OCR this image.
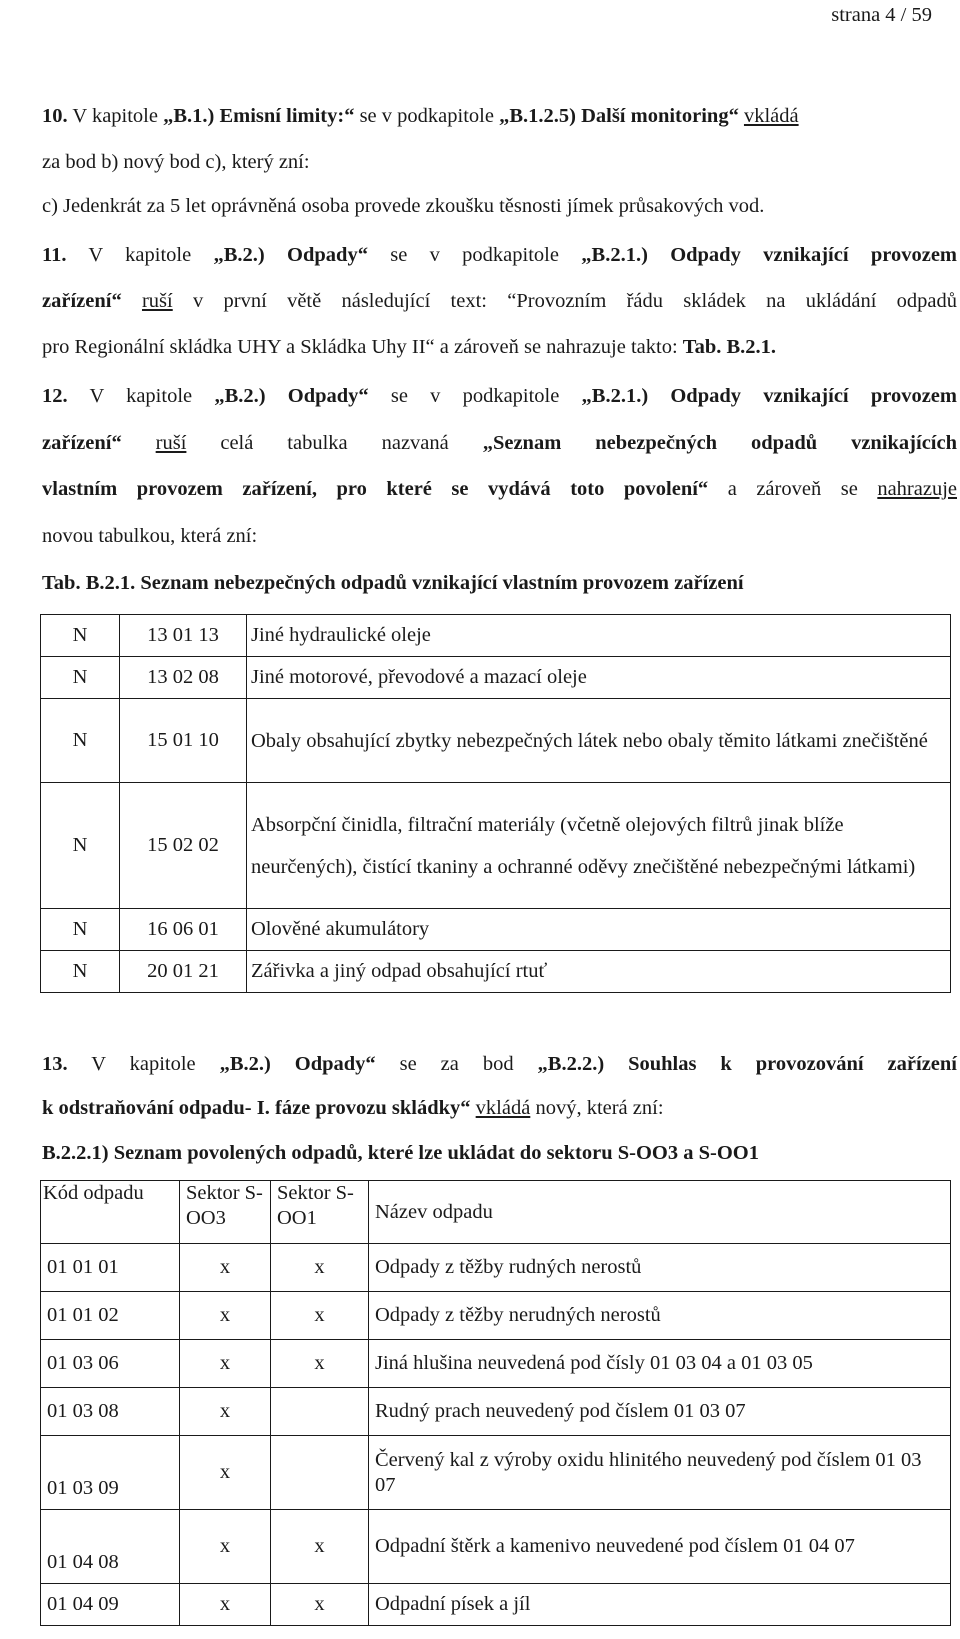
strana 4 / 59
10. V kapitole „B.1.) Emisní limity:“ se v podkapitole „B.1.2.5) Další monitoring“ vkládá
za bod b) nový bod c), který zní:
c) Jedenkrát za 5 let oprávněná osoba provede zkoušku těsnosti jímek průsakových vod.
11. V kapitole „B.2.) Odpady“ se v podkapitole „B.2.1.) Odpady vznikající provozem
zařízení“ ruší v první větě následující text: “Provozním řádu skládek na ukládání odpadů
pro Regionální skládka UHY a Skládka Uhy II“ a zároveň se nahrazuje takto: Tab. B.2.1.
12. V kapitole „B.2.) Odpady“ se v podkapitole „B.2.1.) Odpady vznikající provozem
zařízení“ ruší celá tabulka nazvaná „Seznam nebezpečných odpadů vznikajících
vlastním provozem zařízení, pro které se vydává toto povolení“ a zároveň se nahrazuje
novou tabulkou, která zní:
Tab. B.2.1. Seznam nebezpečných odpadů vznikající vlastním provozem zařízení
N	13 01 13	Jiné hydraulické oleje
N	13 02 08	Jiné motorové, převodové a mazací oleje
N	15 01 10	Obaly obsahující zbytky nebezpečných látek nebo obaly těmito látkami znečištěné
N	15 02 02	Absorpční činidla, filtrační materiály (včetně olejových filtrů jinak blíže neurčených), čistící tkaniny a ochranné oděvy znečištěné nebezpečnými látkami)
N	16 06 01	Olověné akumulátory
N	20 01 21	Zářivka a jiný odpad obsahující rtuť
13. V kapitole „B.2.) Odpady“ se za bod „B.2.2.) Souhlas k provozování zařízení
k odstraňování odpadu- I. fáze provozu skládky“ vkládá nový, která zní:
B.2.2.1) Seznam povolených odpadů, které lze ukládat do sektoru S-OO3 a S-OO1
Kód odpadu	Sektor S-OO3	Sektor S-OO1	Název odpadu
01 01 01	x	x	Odpady z těžby rudných nerostů
01 01 02	x	x	Odpady z těžby nerudných nerostů
01 03 06	x	x	Jiná hlušina neuvedená pod čísly 01 03 04 a 01 03 05
01 03 08	x		Rudný prach neuvedený pod číslem 01 03 07
01 03 09	x		Červený kal z výroby oxidu hlinitého neuvedený pod číslem 01 03 07
01 04 08	x	x	Odpadní štěrk a kamenivo neuvedené pod číslem 01 04 07
01 04 09	x	x	Odpadní písek a jíl
